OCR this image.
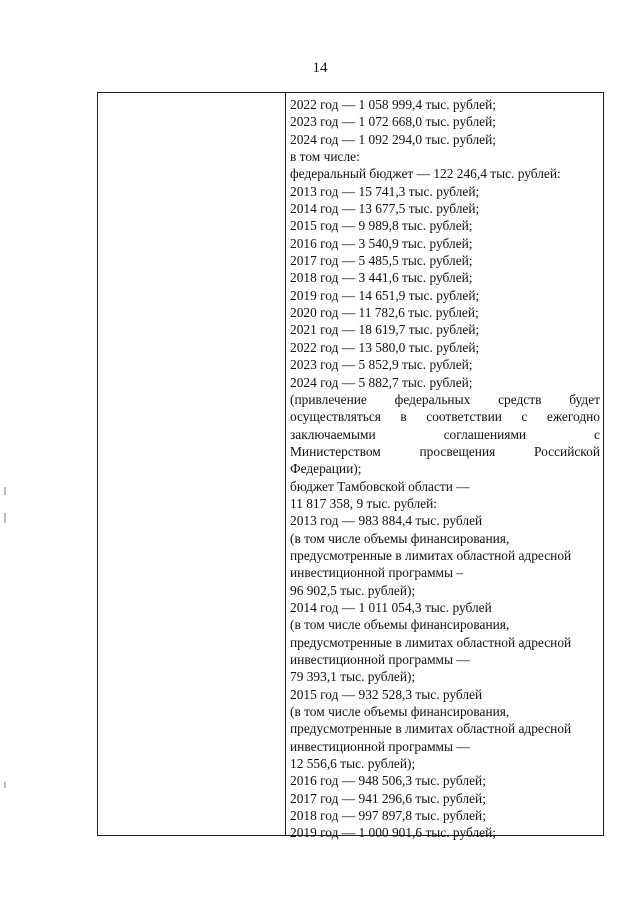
14
2022 год — 1 058 999,4 тыс. рублей;
2023 год — 1 072 668,0 тыс. рублей;
2024 год — 1 092 294,0 тыс. рублей;
в том числе:
федеральный бюджет — 122 246,4 тыс. рублей:
2013 год — 15 741,3 тыс. рублей;
2014 год — 13 677,5 тыс. рублей;
2015 год — 9 989,8 тыс. рублей;
2016 год — 3 540,9 тыс. рублей;
2017 год — 5 485,5 тыс. рублей;
2018 год — 3 441,6 тыс. рублей;
2019 год — 14 651,9 тыс. рублей;
2020 год — 11 782,6 тыс. рублей;
2021 год — 18 619,7 тыс. рублей;
2022 год — 13 580,0 тыс. рублей;
2023 год — 5 852,9 тыс. рублей;
2024 год — 5 882,7 тыс. рублей;
(привлечение федеральных средств будет
осуществляться в соответствии с ежегодно
заключаемыми соглашениями с
Министерством просвещения Российской
Федерации);
бюджет Тамбовской области —
11 817 358, 9 тыс. рублей:
2013 год — 983 884,4 тыс. рублей
(в том числе объемы финансирования,
предусмотренные в лимитах областной адресной
инвестиционной программы –
96 902,5 тыс. рублей);
2014 год — 1 011 054,3 тыс. рублей
(в том числе объемы финансирования,
предусмотренные в лимитах областной адресной
инвестиционной программы —
79 393,1 тыс. рублей);
2015 год — 932 528,3 тыс. рублей
(в том числе объемы финансирования,
предусмотренные в лимитах областной адресной
инвестиционной программы —
12 556,6 тыс. рублей);
2016 год — 948 506,3 тыс. рублей;
2017 год — 941 296,6 тыс. рублей;
2018 год — 997 897,8 тыс. рублей;
2019 год — 1 000 901,6 тыс. рублей;
